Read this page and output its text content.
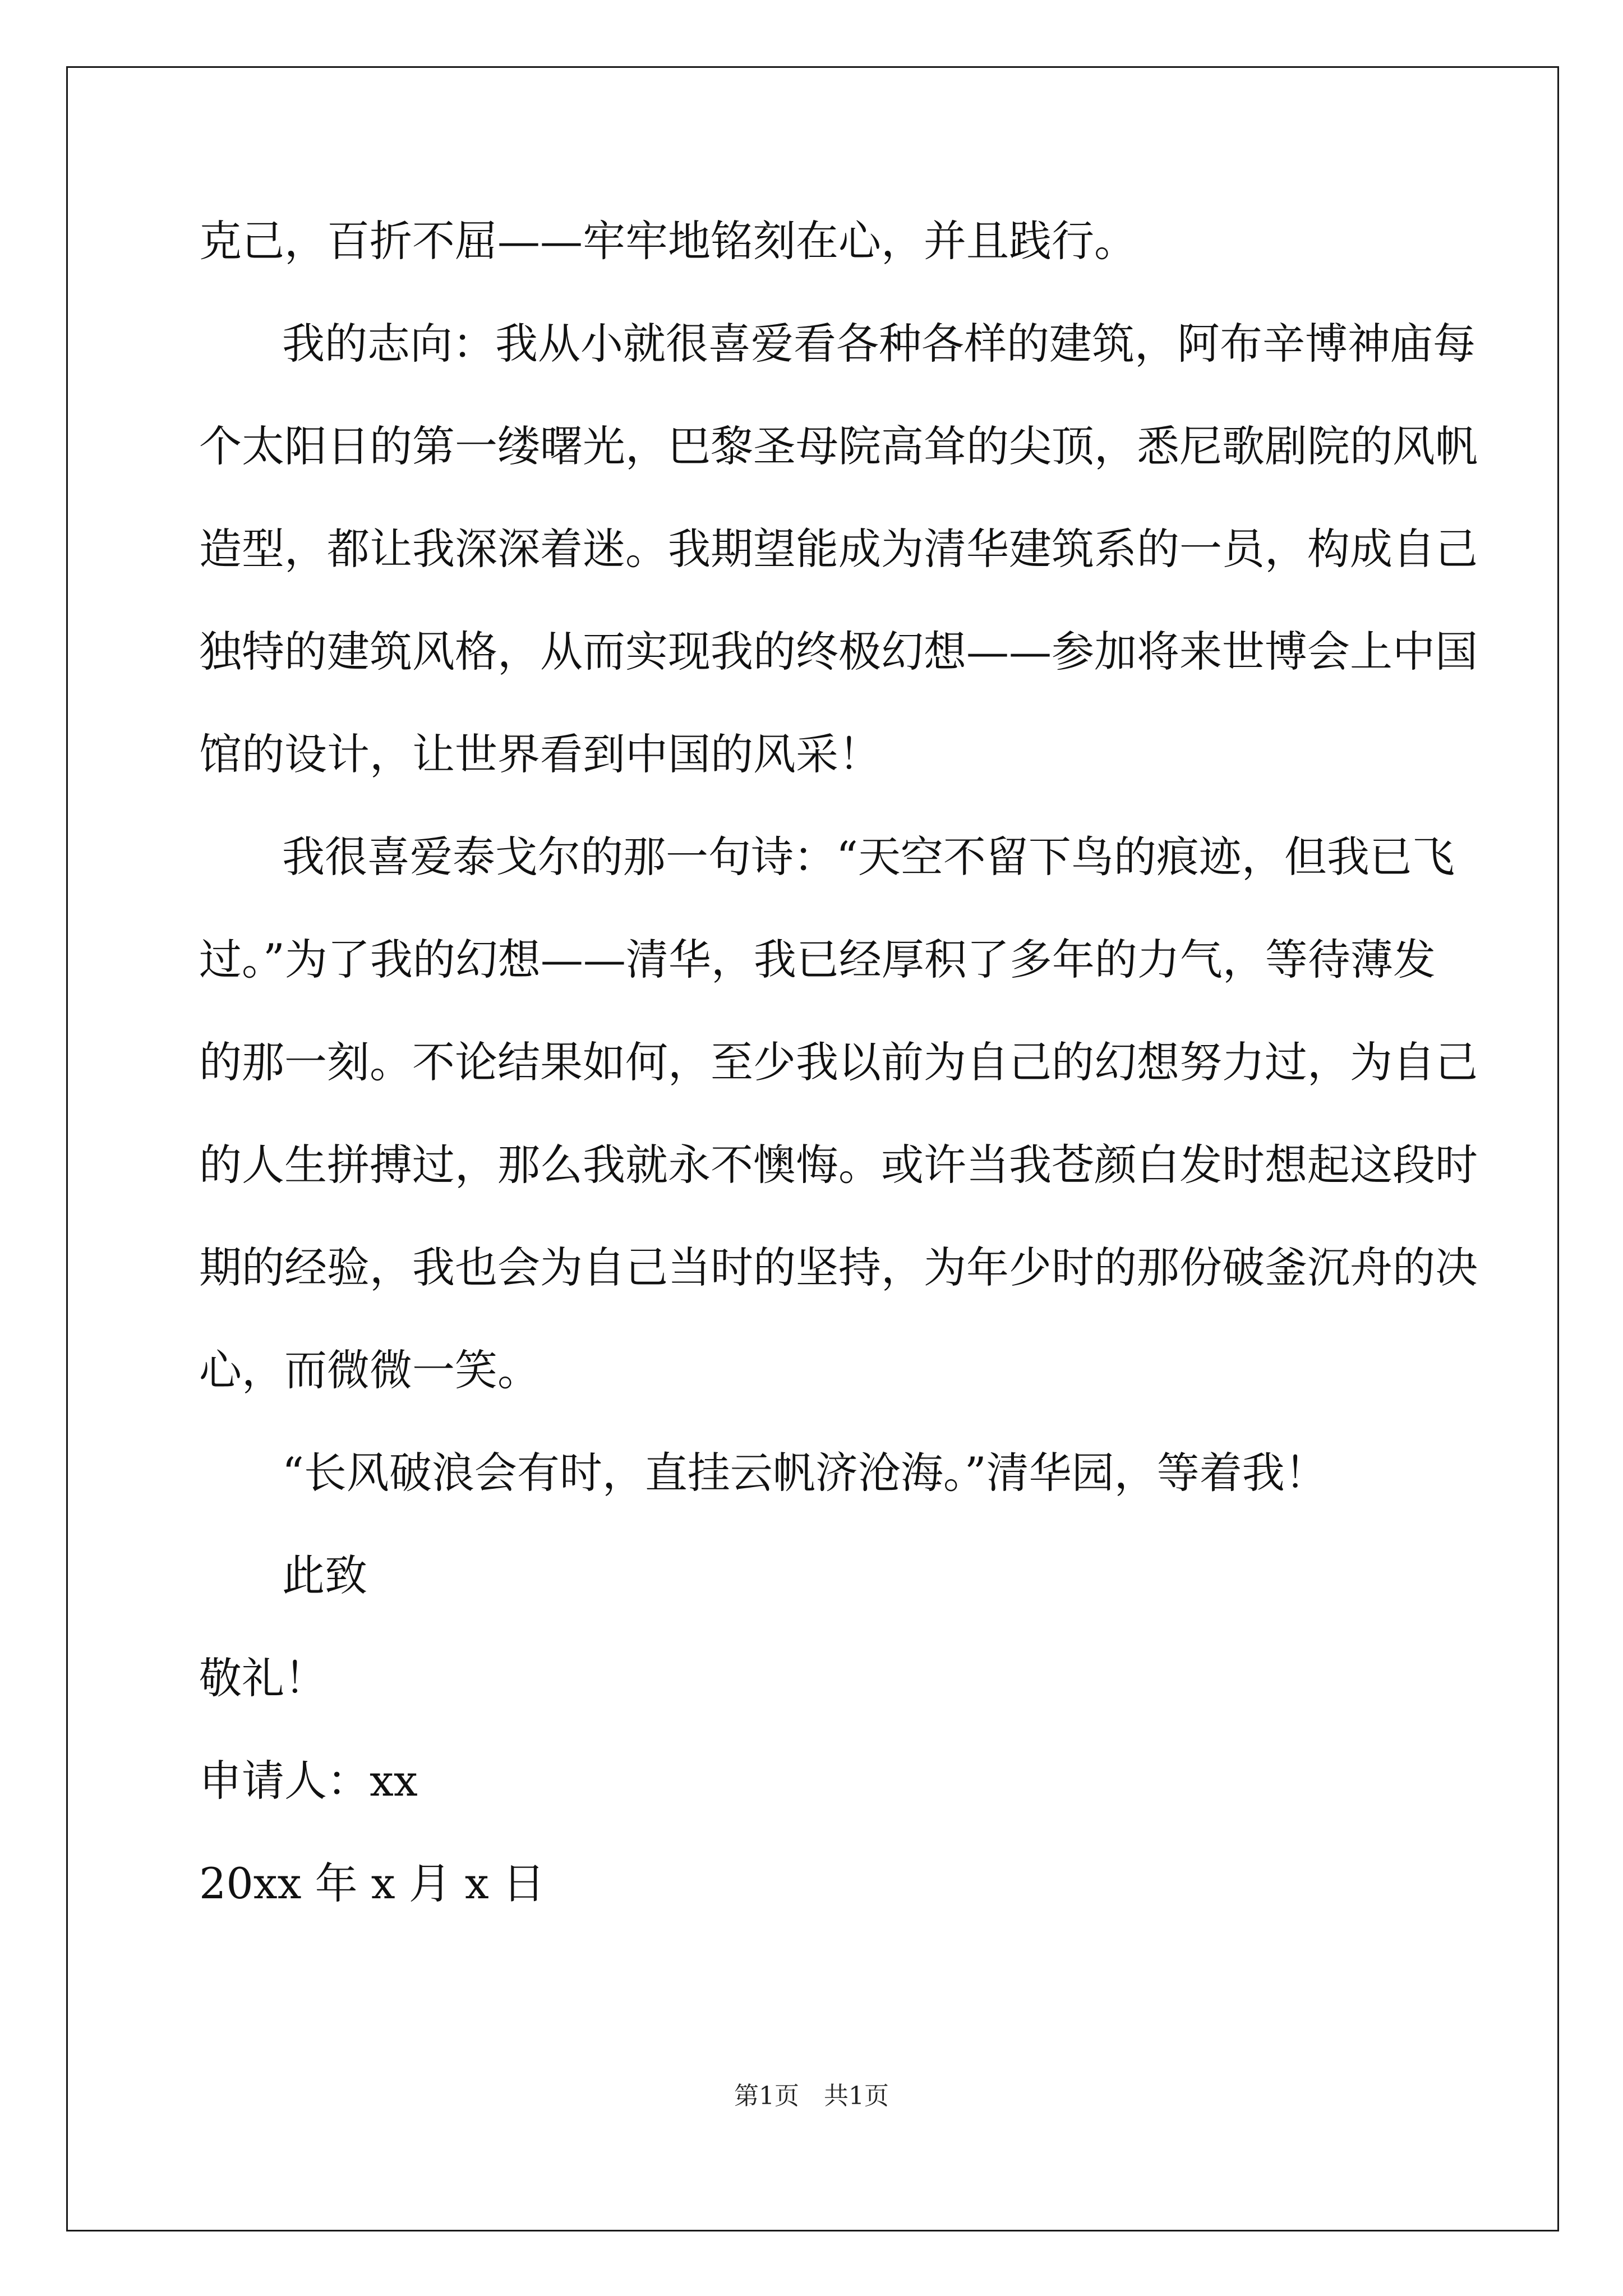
克己，百折不屈——牢牢地铭刻在心，并且践行。
我的志向：我从小就很喜爱看各种各样的建筑，阿布辛博神庙每
个太阳日的第一缕曙光，巴黎圣母院高耸的尖顶，悉尼歌剧院的风帆
造型，都让我深深着迷。我期望能成为清华建筑系的一员，构成自己
独特的建筑风格，从而实现我的终极幻想——参加将来世博会上中国
馆的设计，让世界看到中国的风采！
我很喜爱泰戈尔的那一句诗：“天空不留下鸟的痕迹，但我已飞
过。”为了我的幻想——清华，我已经厚积了多年的力气，等待薄发
的那一刻。不论结果如何，至少我以前为自己的幻想努力过，为自己
的人生拼搏过，那么我就永不懊悔。或许当我苍颜白发时想起这段时
期的经验，我也会为自己当时的坚持，为年少时的那份破釜沉舟的决
心，而微微一笑。
“长风破浪会有时，直挂云帆济沧海。”清华园，等着我！
此致
敬礼！
申请人：xx
20xx 年 x 月 x 日
第1页　共1页
